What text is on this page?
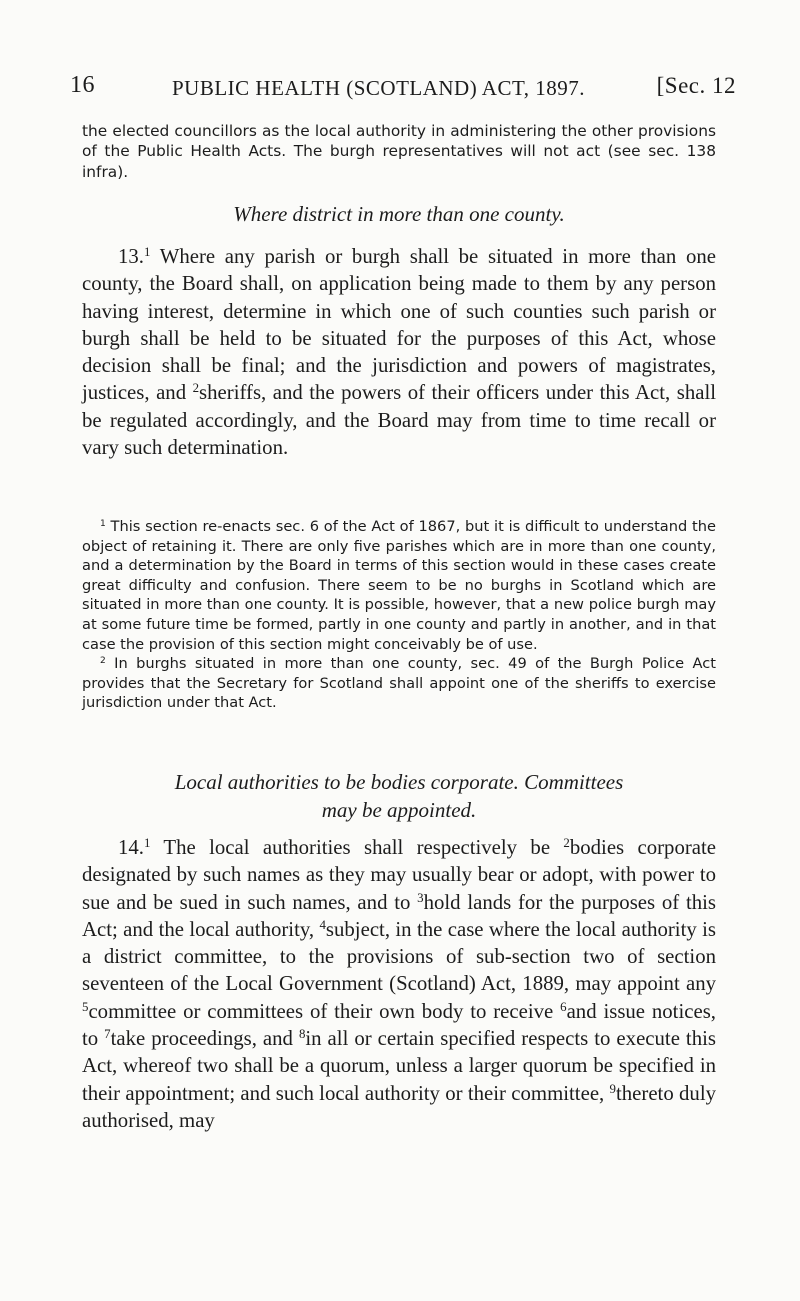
16	PUBLIC HEALTH (SCOTLAND) ACT, 1897.	[Sec. 12
the elected councillors as the local authority in administering the other provisions of the Public Health Acts. The burgh representatives will not act (see sec. 138 infra).
Where district in more than one county.

13.$^1$ Where any parish or burgh shall be situated in more than one county, the Board shall, on application being made to them by any person having interest, determine in which one of such counties such parish or burgh shall be held to be situated for the purposes of this Act, whose decision shall be final; and the jurisdiction and powers of magistrates, justices, and $^2$sheriffs, and the powers of their officers under this Act, shall be regulated accordingly, and the Board may from time to time recall or vary such determination.

$^1$ This section re-enacts sec. 6 of the Act of 1867, but it is difficult to understand the object of retaining it. There are only five parishes which are in more than one county, and a determination by the Board in terms of this section would in these cases create great difficulty and confusion. There seem to be no burghs in Scotland which are situated in more than one county. It is possible, however, that a new police burgh may at some future time be formed, partly in one county and partly in another, and in that case the provision of this section might conceivably be of use.

$^2$ In burghs situated in more than one county, sec. 49 of the Burgh Police Act provides that the Secretary for Scotland shall appoint one of the sheriffs to exercise jurisdiction under that Act.

Local authorities to be bodies corporate. Committees
may be appointed.

14.$^1$ The local authorities shall respectively be $^2$bodies corporate designated by such names as they may usually bear or adopt, with power to sue and be sued in such names, and to $^3$hold lands for the purposes of this Act; and the local authority, $^4$subject, in the case where the local authority is a district committee, to the provisions of sub-section two of section seventeen of the Local Government (Scotland) Act, 1889, may appoint any $^5$committee or committees of their own body to receive $^6$and issue notices, to $^7$take proceedings, and $^8$in all or certain specified respects to execute this Act, whereof two shall be a quorum, unless a larger quorum be specified in their appointment; and such local authority or their committee, $^9$thereto duly authorised, may
